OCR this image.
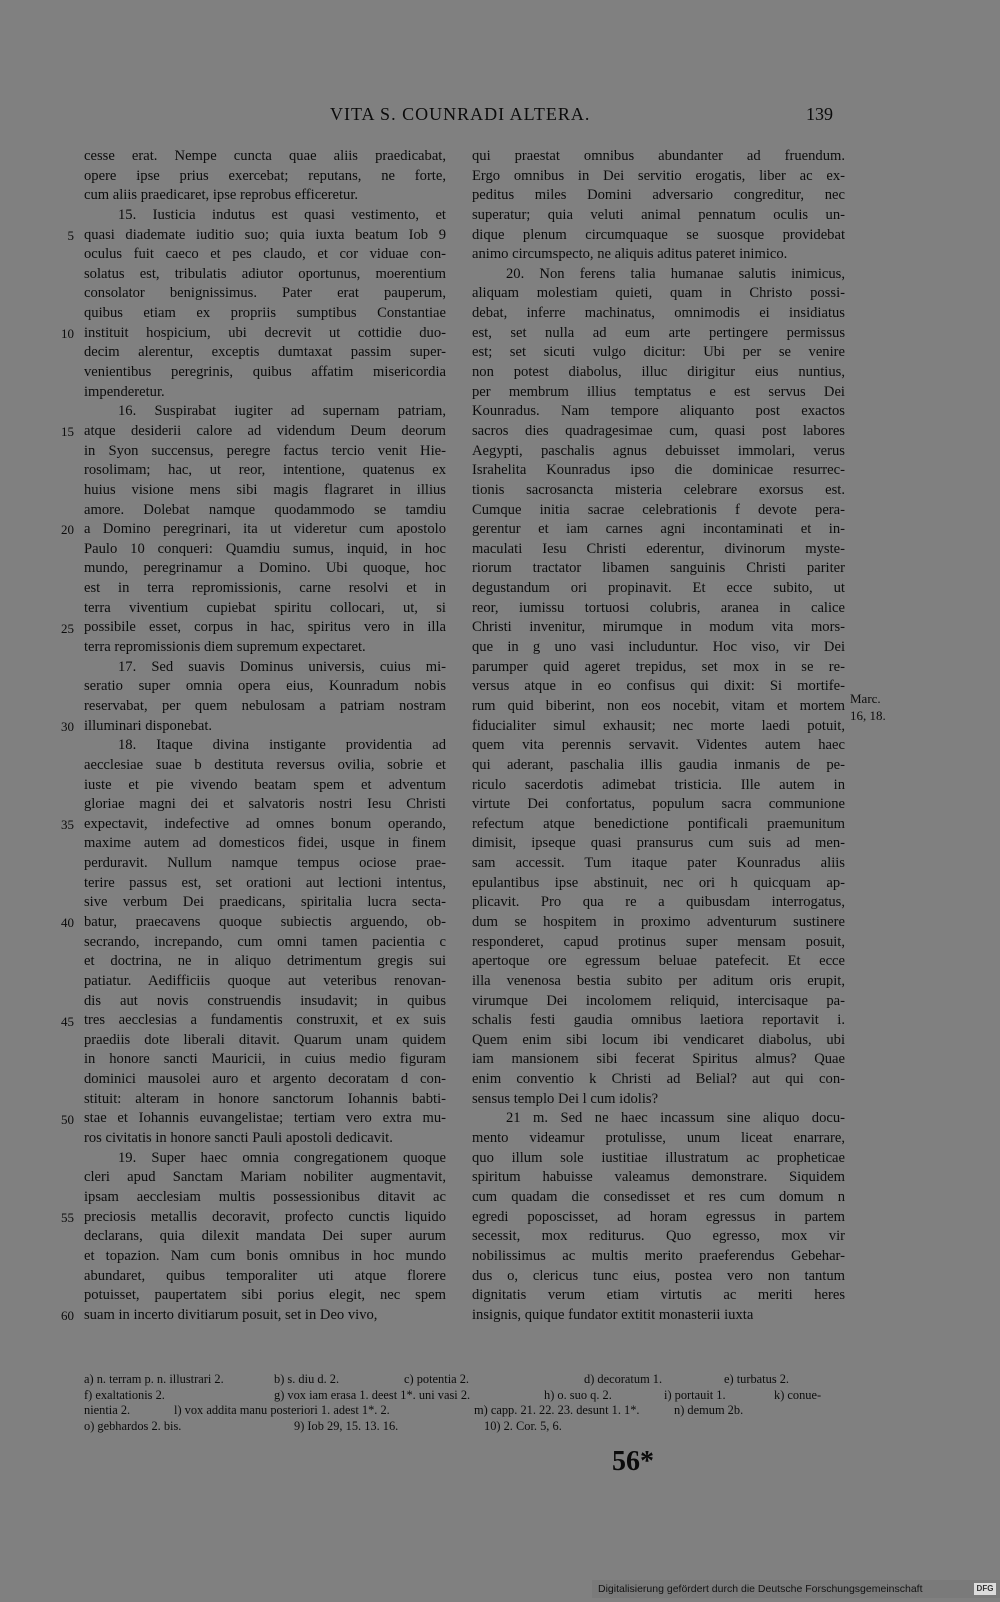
VITA S. COUNRADI ALTERA.	139
cesse erat. Nempe cuncta quae aliis praedicabat,
opere ipse prius exercebat; reputans, ne forte,
cum aliis praedicaret, ipse reprobus efficeretur.
15. Iusticia indutus est quasi vestimento, et
quasi diademate iuditio suo; quia iuxta beatum Iob 9
oculus fuit caeco et pes claudo, et cor viduae con-
solatus est, tribulatis adiutor oportunus, moerentium
consolator benignissimus. Pater erat pauperum,
quibus etiam ex propriis sumptibus Constantiae
instituit hospicium, ubi decrevit ut cottidie duo-
decim alerentur, exceptis dumtaxat passim super-
venientibus peregrinis, quibus affatim misericordia
impenderetur.
16. Suspirabat iugiter ad supernam patriam,
atque desiderii calore ad videndum Deum deorum
in Syon succensus, peregre factus tercio venit Hie-
rosolimam; hac, ut reor, intentione, quatenus ex
huius visione mens sibi magis flagraret in illius
amore. Dolebat namque quodammodo se tamdiu
a Domino peregrinari, ita ut videretur cum apostolo
Paulo 10 conqueri: Quamdiu sumus, inquid, in hoc
mundo, peregrinamur a Domino. Ubi quoque, hoc
est in terra repromissionis, carne resolvi et in
terra viventium cupiebat spiritu collocari, ut, si
possibile esset, corpus in hac, spiritus vero in illa
terra repromissionis diem supremum expectaret.
17. Sed suavis Dominus universis, cuius mi-
seratio super omnia opera eius, Kounradum nobis
reservabat, per quem nebulosam a patriam nostram
illuminari disponebat.
18. Itaque divina instigante providentia ad
aecclesiae suae b destituta reversus ovilia, sobrie et
iuste et pie vivendo beatam spem et adventum
gloriae magni dei et salvatoris nostri Iesu Christi
expectavit, indefective ad omnes bonum operando,
maxime autem ad domesticos fidei, usque in finem
perduravit. Nullum namque tempus ociose prae-
terire passus est, set orationi aut lectioni intentus,
sive verbum Dei praedicans, spiritalia lucra secta-
batur, praecavens quoque subiectis arguendo, ob-
secrando, increpando, cum omni tamen pacientia c
et doctrina, ne in aliquo detrimentum gregis sui
patiatur. Aedifficiis quoque aut veteribus renovan-
dis aut novis construendis insudavit; in quibus
tres aecclesias a fundamentis construxit, et ex suis
praediis dote liberali ditavit. Quarum unam quidem
in honore sancti Mauricii, in cuius medio figuram
dominici mausolei auro et argento decoratam d con-
stituit: alteram in honore sanctorum Iohannis babti-
stae et Iohannis euvangelistae; tertiam vero extra mu-
ros civitatis in honore sancti Pauli apostoli dedicavit.
19. Super haec omnia congregationem quoque
cleri apud Sanctam Mariam nobiliter augmentavit,
ipsam aecclesiam multis possessionibus ditavit ac
preciosis metallis decoravit, profecto cunctis liquido
declarans, quia dilexit mandata Dei super aurum
et topazion. Nam cum bonis omnibus in hoc mundo
abundaret, quibus temporaliter uti atque florere
potuisset, paupertatem sibi porius elegit, nec spem
suam in incerto divitiarum posuit, set in Deo vivo,
qui praestat omnibus abundanter ad fruendum.
Ergo omnibus in Dei servitio erogatis, liber ac ex-
peditus miles Domini adversario congreditur, nec
superatur; quia veluti animal pennatum oculis un-
dique plenum circumquaque se suosque providebat
animo circumspecto, ne aliquis aditus pateret inimico.
20. Non ferens talia humanae salutis inimicus,
aliquam molestiam quieti, quam in Christo possi-
debat, inferre machinatus, omnimodis ei insidiatus
est, set nulla ad eum arte pertingere permissus
est; set sicuti vulgo dicitur: Ubi per se venire
non potest diabolus, illuc dirigitur eius nuntius,
per membrum illius temptatus e est servus Dei
Kounradus. Nam tempore aliquanto post exactos
sacros dies quadragesimae cum, quasi post labores
Aegypti, paschalis agnus debuisset immolari, verus
Israhelita Kounradus ipso die dominicae resurrec-
tionis sacrosancta misteria celebrare exorsus est.
Cumque initia sacrae celebrationis f devote pera-
gerentur et iam carnes agni incontaminati et in-
maculati Iesu Christi ederentur, divinorum myste-
riorum tractator libamen sanguinis Christi pariter
degustandum ori propinavit. Et ecce subito, ut
reor, iumissu tortuosi colubris, aranea in calice
Christi invenitur, mirumque in modum vita mors-
que in g uno vasi includuntur. Hoc viso, vir Dei
parumper quid ageret trepidus, set mox in se re-
versus atque in eo confisus qui dixit: Si mortife-
rum quid biberint, non eos nocebit, vitam et mortem
fiducialiter simul exhausit; nec morte laedi potuit,
quem vita perennis servavit. Videntes autem haec
qui aderant, paschalia illis gaudia inmanis de pe-
riculo sacerdotis adimebat tristicia. Ille autem in
virtute Dei confortatus, populum sacra communione
refectum atque benedictione pontificali praemunitum
dimisit, ipseque quasi pransurus cum suis ad men-
sam accessit. Tum itaque pater Kounradus aliis
epulantibus ipse abstinuit, nec ori h quicquam ap-
plicavit. Pro qua re a quibusdam interrogatus,
dum se hospitem in proximo adventurum sustinere
responderet, capud protinus super mensam posuit,
apertoque ore egressum beluae patefecit. Et ecce
illa venenosa bestia subito per aditum oris erupit,
virumque Dei incolomem reliquid, intercisaque pa-
schalis festi gaudia omnibus laetiora reportavit i.
Quem enim sibi locum ibi vendicaret diabolus, ubi
iam mansionem sibi fecerat Spiritus almus? Quae
enim conventio k Christi ad Belial? aut qui con-
sensus templo Dei l cum idolis?
21 m. Sed ne haec incassum sine aliquo docu-
mento videamur protulisse, unum liceat enarrare,
quo illum sole iustitiae illustratum ac propheticae
spiritum habuisse valeamus demonstrare. Siquidem
cum quadam die consedisset et res cum domum n
egredi poposcisset, ad horam egressus in partem
secessit, mox rediturus. Quo egresso, mox vir
nobilissimus ac multis merito praeferendus Gebehar-
dus o, clericus tunc eius, postea vero non tantum
dignitatis verum etiam virtutis ac meriti heres
insignis, quique fundator extitit monasterii iuxta
5
10
15
20
25
30
35
40
45
50
55
60
Marc.
16, 18.
a) n. terram p. n. illustrari 2.	b) s. diu d. 2.	c) potentia 2.	d) decoratum 1.	e) turbatus 2.
f) exaltationis 2.	g) vox iam erasa 1. deest 1*. uni vasi 2.	h) o. suo q. 2.	i) portauit 1.	k) conue-
nientia 2.	l) vox addita manu posteriori 1. adest 1*. 2.	m) capp. 21. 22. 23. desunt 1. 1*.	n) demum 2b.
o) gebhardos 2. bis.	9) Iob 29, 15. 13. 16.	10) 2. Cor. 5, 6.
56*
Digitalisierung gefördert durch die Deutsche Forschungsgemeinschaft	DFG
